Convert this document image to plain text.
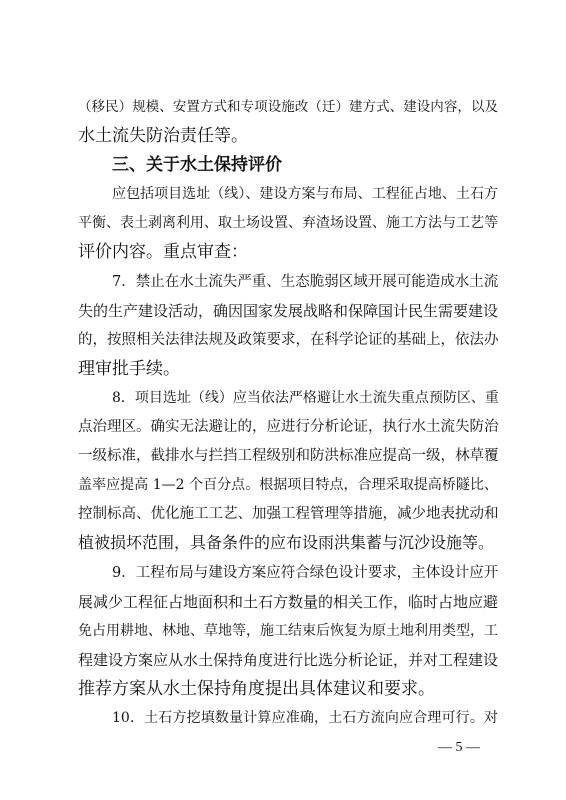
（移民）规模、安置方式和专项设施改（迁）建方式、建设内容，以及
水土流失防治责任等。
三、关于水土保持评价
应包括项目选址（线）、建设方案与布局、工程征占地、土石方
平衡、表土剥离利用、取土场设置、弃渣场设置、施工方法与工艺等
评价内容。重点审查：
7．禁止在水土流失严重、生态脆弱区域开展可能造成水土流
失的生产建设活动，确因国家发展战略和保障国计民生需要建设
的，按照相关法律法规及政策要求，在科学论证的基础上，依法办
理审批手续。
8．项目选址（线）应当依法严格避让水土流失重点预防区、重
点治理区。确实无法避让的，应进行分析论证，执行水土流失防治
一级标准，截排水与拦挡工程级别和防洪标准应提高一级，林草覆
盖率应提高 1—2 个百分点。根据项目特点，合理采取提高桥隧比、
控制标高、优化施工工艺、加强工程管理等措施，减少地表扰动和
植被损坏范围，具备条件的应布设雨洪集蓄与沉沙设施等。
9．工程布局与建设方案应符合绿色设计要求，主体设计应开
展减少工程征占地面积和土石方数量的相关工作，临时占地应避
免占用耕地、林地、草地等，施工结束后恢复为原土地利用类型，工
程建设方案应从水土保持角度进行比选分析论证，并对工程建设
推荐方案从水土保持角度提出具体建议和要求。
10．土石方挖填数量计算应准确，土石方流向应合理可行。对
— 5 —
